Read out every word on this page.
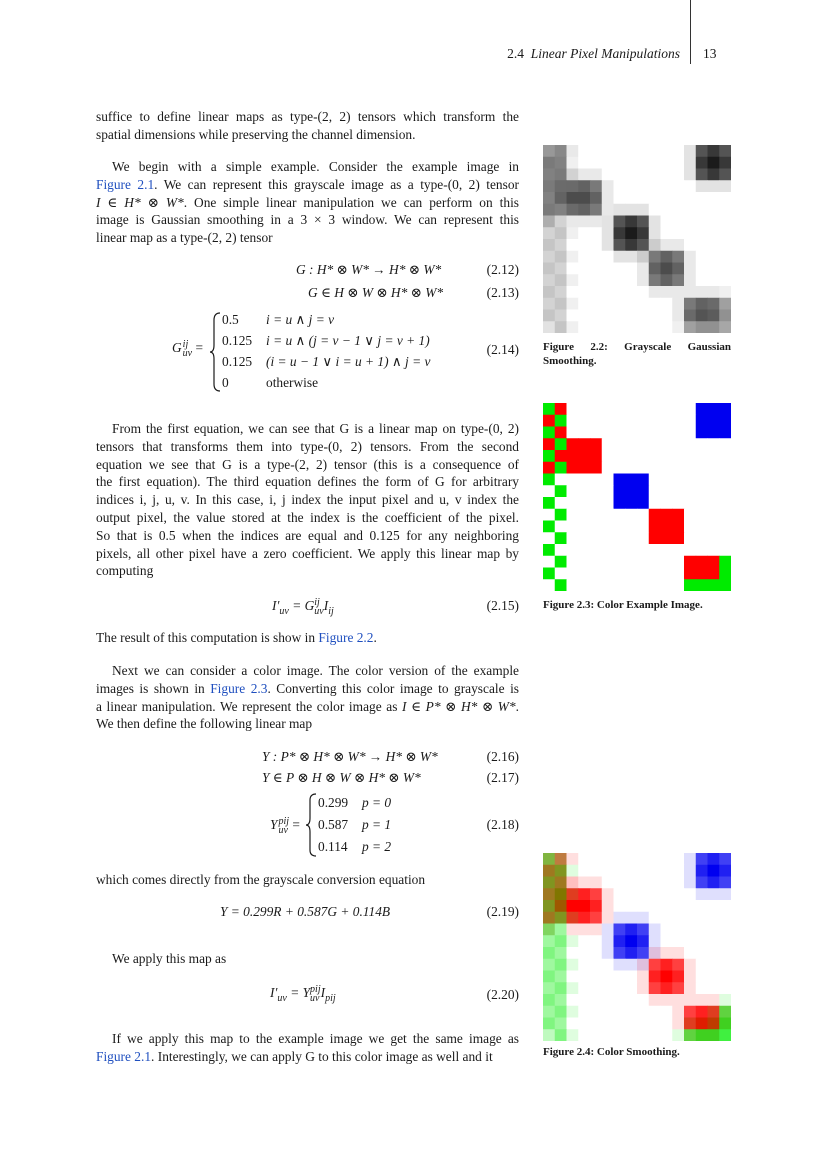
2.4 Linear Pixel Manipulations 13
suffice to define linear maps as type-(2, 2) tensors which transform the
spatial dimensions while preserving the channel dimension.
We begin with a simple example. Consider the example image in
Figure 2.1. We can represent this grayscale image as a type-(0, 2) tensor
I ∈ H* ⊗ W*. One simple linear manipulation we can perform on this
image is Gaussian smoothing in a 3 × 3 window. We can represent this
linear map as a type-(2, 2) tensor
G : H* ⊗ W* → H* ⊗ W*	(2.12)
G ∈ H ⊗ W ⊗ H* ⊗ W*	(2.13)
G ij
uv =
0.5 i = u ∧ j = v
0.125 i = u ∧ (j = v − 1 ∨ j = v + 1)
0.125 (i = u − 1 ∨ i = u + 1) ∧ j = v
0	otherwise
(2.14)
From the first equation, we can see that G is a linear map on type-(0, 2)
tensors that transforms them into type-(0, 2) tensors. From the second
equation we see that G is a type-(2, 2) tensor (this is a consequence of
the first equation). The third equation defines the form of G for arbitrary
indices i, j, u, v. In this case, i, j index the input pixel and u, v index the
output pixel, the value stored at the index is the coefficient of the pixel.
So that is 0.5 when the indices are equal and 0.125 for any neighboring
pixels, all other pixel have a zero coefficient. We apply this linear map by
computing
$I'_{uv} = G$ ij
uv $I_{ij}$	(2.15)
The result of this computation is show in Figure 2.2.
Next we can consider a color image. The color version of the example
images is shown in Figure 2.3. Converting this color image to grayscale is
a linear manipulation. We represent the color image as I ∈ P* ⊗ H* ⊗ W*.
We then define the following linear map
Y : P* ⊗ H* ⊗ W* → H* ⊗ W*	(2.16)
Y ∈ P ⊗ H ⊗ W ⊗ H* ⊗ W*	(2.17)
Y pij
uv =
0.299 p = 0
0.587 p = 1
0.114 p = 2
(2.18)
which comes directly from the grayscale conversion equation
Y = 0.299R + 0.587G + 0.114B	(2.19)
We apply this map as
$I'_{uv} = Y$ pij
uv $I_{pij}$	(2.20)
If we apply this map to the example image we get the same image as
Figure 2.1. Interestingly, we can apply G to this color image as well and it
Figure 2.2: Grayscale Gaussian
Smoothing.
Figure 2.3: Color Example Image.
Figure 2.4: Color Smoothing.
